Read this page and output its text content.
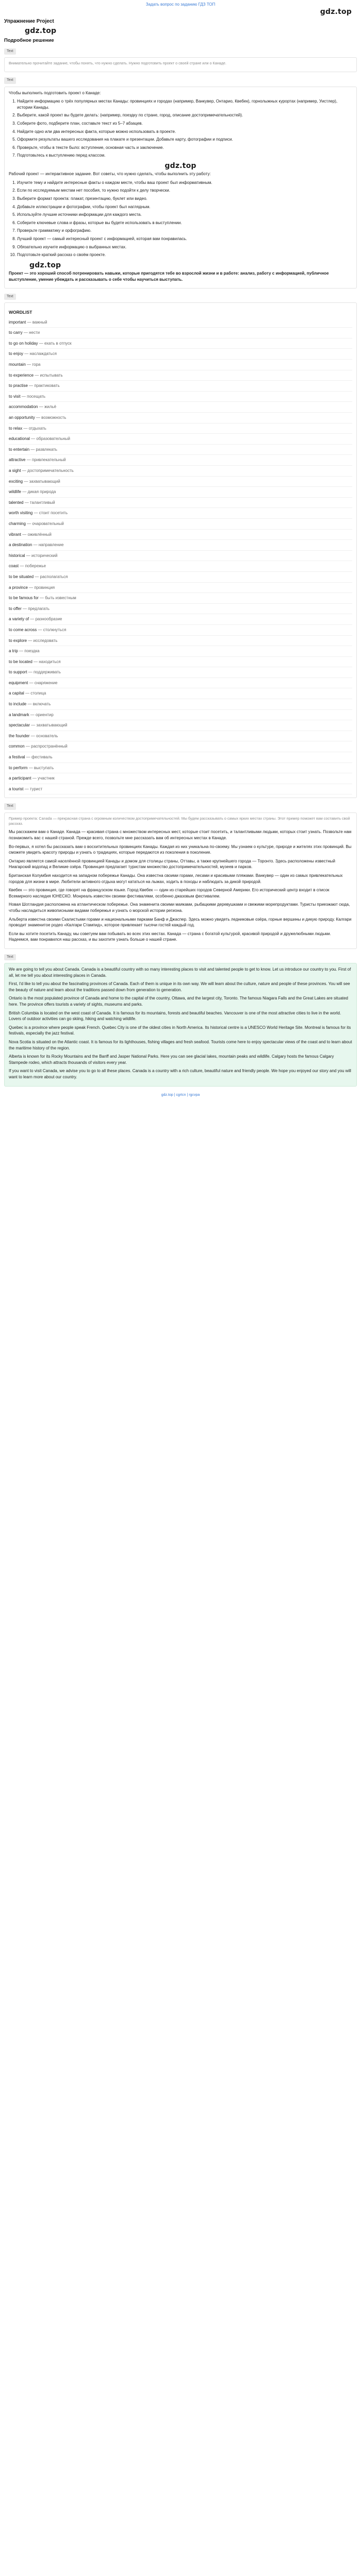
Задать вопрос по заданию ГДЗ ТОП
gdz.top
Упражнение Project
gdz.top
Подробное решение
Text

Внимательно прочитайте задание, чтобы понять, что нужно сделать. Нужно подготовить проект о своей стране или о Канаде.

Text

Чтобы выполнить подготовить проект о Канаде:

1. Найдите информацию о трёх популярных местах Канады: провинциях и городах (например, Ванкувер, Онтарио, Квебек), горнолыжных курортах (например, Уистлер), истории Канады.
2. Выберите, какой проект вы будете делать: (например, поездку по стране, город, описание достопримечательностей).
3. Соберите фото, подберите план, составьте текст из 5–7 абзацев.
4. Найдите одно или два интересных факта, которые можно использовать в проекте.
5. Оформите результаты вашего исследования на плакате и презентации. Добавьте карту, фотографии и подписи.
6. Проверьте, чтобы в тексте было: вступление, основная часть и заключение.
7. Подготовьтесь к выступлению перед классом.
gdz.top

Рабочий проект — интерактивное задание. Вот советы, что нужно сделать, чтобы выполнить эту работу:

1. Изучите тему и найдите интересные факты о каждом месте, чтобы ваш проект был информативным.
2. Если по исследуемым местам нет пособия, то нужно подойти к делу творчески.
3. Выберите формат проекта: плакат, презентацию, буклет или видео.
4. Добавьте иллюстрации и фотографии, чтобы проект был наглядным.
5. Используйте лучшие источники информации для каждого места.
6. Соберите ключевые слова и фразы, которые вы будете использовать в выступлении.
7. Проверьте грамматику и орфографию.
8. Лучший проект — самый интересный проект с информацией, которая вам понравилась.
9. Обязательно изучите информацию о выбранных местах.
10. Подготовьте краткий рассказ о своём проекте.
gdz.top

Проект — это хороший способ потренировать навыки, которые пригодятся тебе во взрослой жизни и в работе: анализ, работу с информацией, публичное выступление, умение убеждать и рассказывать о себе чтобы научиться выступать.

Text
WORDLIST
important — важный
to carry — нести
to go on holiday — ехать в отпуск
to enjoy — наслаждаться
mountain — гора
to experience — испытывать
to practise — практиковать
to visit — посещать
accommodation — жильё
an opportunity — возможность
to relax — отдыхать
educational — образовательный
to entertain — развлекать
attractive — привлекательный
a sight — достопримечательность
exciting — захватывающий
wildlife — дикая природа
talented — талантливый
worth visiting — стоит посетить
charming — очаровательный
vibrant — оживлённый
a destination — направление
historical — исторический
coast — побережье
to be situated — располагаться
a province — провинция
to be famous for — быть известным
to offer — предлагать
a variety of — разнообразие
to come across — столкнуться
to explore — исследовать
a trip — поездка
to be located — находиться
to support — поддерживать
equipment — снаряжение
a capital — столица
to include — включать
a landmark — ориентир
spectacular — захватывающий
the founder — основатель
common — распространённый
a festival — фестиваль
to perform — выступать
a participant — участник
a tourist — турист
Text

Пример проекта: Canada — прекрасная страна с огромным количеством достопримечательностей. Мы будем рассказывать о самых ярких местах страны. Этот пример поможет вам составить свой рассказ.

Мы расскажем вам о Канаде. Канада — красивая страна с множеством интересных мест, которые стоит посетить, и талантливыми людьми, которых стоит узнать. Позвольте нам познакомить вас с нашей страной. Прежде всего, позвольте мне рассказать вам об интересных местах в Канаде.

Во-первых, я хотел бы рассказать вам о восхитительных провинциях Канады. Каждая из них уникальна по-своему. Мы узнаем о культуре, природе и жителях этих провинций. Вы сможете увидеть красоту природы и узнать о традициях, которые передаются из поколения в поколение.

Онтарио является самой населённой провинцией Канады и домом для столицы страны, Оттавы, а также крупнейшего города — Торонто. Здесь расположены известный Ниагарский водопад и Великие озёра. Провинция предлагает туристам множество достопримечательностей, музеев и парков.

Британская Колумбия находится на западном побережье Канады. Она известна своими горами, лесами и красивыми пляжами. Ванкувер — один из самых привлекательных городов для жизни в мире. Любители активного отдыха могут кататься на лыжах, ходить в походы и наблюдать за дикой природой.

Квебек — это провинция, где говорят на французском языке. Город Квебек — один из старейших городов Северной Америки. Его исторический центр входит в список Всемирного наследия ЮНЕСКО. Монреаль известен своими фестивалями, особенно джазовым фестивалем.

Новая Шотландия расположена на атлантическом побережье. Она знаменита своими маяками, рыбацкими деревушками и свежими морепродуктами. Туристы приезжают сюда, чтобы насладиться живописными видами побережья и узнать о морской истории региона.

Альберта известна своими Скалистыми горами и национальными парками Банф и Джаспер. Здесь можно увидеть ледниковые озёра, горные вершины и дикую природу. Калгари проводит знаменитое родео «Калгари Стампид», которое привлекает тысячи гостей каждый год.

Если вы хотите посетить Канаду, мы советуем вам побывать во всех этих местах. Канада — страна с богатой культурой, красивой природой и дружелюбными людьми. Надеемся, вам понравился наш рассказ, и вы захотите узнать больше о нашей стране.

Text

We are going to tell you about Canada. Canada is a beautiful country with so many interesting places to visit and talented people to get to know. Let us introduce our country to you. First of all, let me tell you about interesting places in Canada.

First, I'd like to tell you about the fascinating provinces of Canada. Each of them is unique in its own way. We will learn about the culture, nature and people of these provinces. You will see the beauty of nature and learn about the traditions passed down from generation to generation.

Ontario is the most populated province of Canada and home to the capital of the country, Ottawa, and the largest city, Toronto. The famous Niagara Falls and the Great Lakes are situated here. The province offers tourists a variety of sights, museums and parks.

British Columbia is located on the west coast of Canada. It is famous for its mountains, forests and beautiful beaches. Vancouver is one of the most attractive cities to live in the world. Lovers of outdoor activities can go skiing, hiking and watching wildlife.

Quebec is a province where people speak French. Quebec City is one of the oldest cities in North America. Its historical centre is a UNESCO World Heritage Site. Montreal is famous for its festivals, especially the jazz festival.

Nova Scotia is situated on the Atlantic coast. It is famous for its lighthouses, fishing villages and fresh seafood. Tourists come here to enjoy spectacular views of the coast and to learn about the maritime history of the region.

Alberta is known for its Rocky Mountains and the Banff and Jasper National Parks. Here you can see glacial lakes, mountain peaks and wildlife. Calgary hosts the famous Calgary Stampede rodeo, which attracts thousands of visitors every year.

If you want to visit Canada, we advise you to go to all these places. Canada is a country with a rich culture, beautiful nature and friendly people. We hope you enjoyed our story and you will want to learn more about our country.

gdz.top | cgrtcn | rgcvpa
